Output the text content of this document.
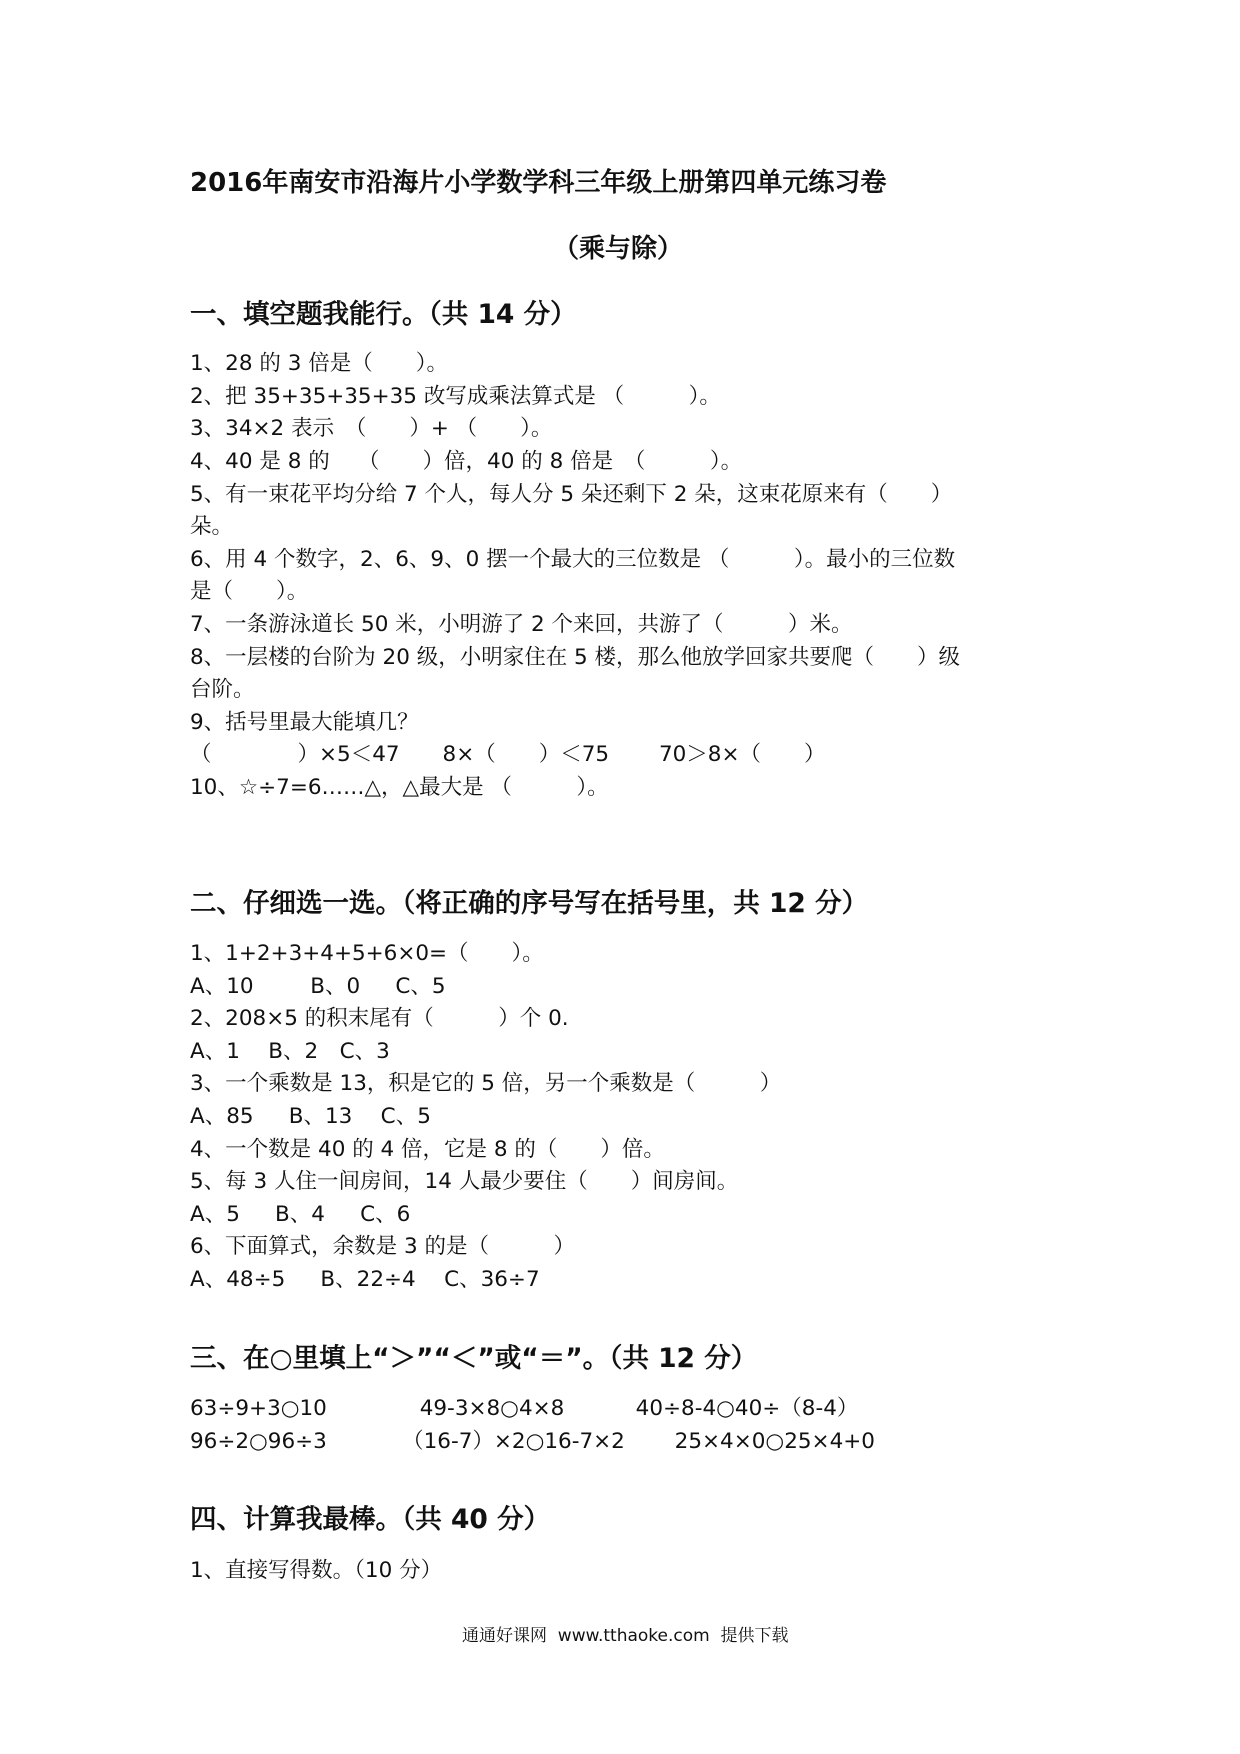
2016年南安市沿海片小学数学科三年级上册第四单元练习卷
（乘与除）
一、填空题我能行。（共 14 分）
1、28 的 3 倍是（　　）。
2、把 35+35+35+35 改写成乘法算式是 （　　　）。
3、34×2 表示　（　　）+ （　　）。
4、40 是 8 的　 （　　）倍，40 的 8 倍是　（　　　）。
5、有一束花平均分给 7 个人，每人分 5 朵还剩下 2 朵，这束花原来有（　　）
朵。
6、用 4 个数字，2、6、9、0 摆一个最大的三位数是 （　　　）。最小的三位数
是（　　）。
7、一条游泳道长 50 米，小明游了 2 个来回，共游了（　　　）米。
8、一层楼的台阶为 20 级，小明家住在 5 楼，那么他放学回家共要爬（　　）级
台阶。
9、括号里最大能填几？
（　　　　）×5＜47　　8×（　　）＜75　　 70＞8×（　　）
10、☆÷7=6……△，△最大是 （　　　）。
二、仔细选一选。（将正确的序号写在括号里，共 12 分）
1、1+2+3+4+5+6×0=（　　）。
A、10　　  B、0　  C、5
2、208×5 的积末尾有（　　　）个 0.
A、1　 B、2　C、3
3、一个乘数是 13，积是它的 5 倍，另一个乘数是（　　　）
A、85　  B、13　 C、5
4、一个数是 40 的 4 倍，它是 8 的（　　）倍。
5、每 3 人住一间房间，14 人最少要住（　　）间房间。
A、5　  B、4　  C、6
6、下面算式，余数是 3 的是（　　　）
A、48÷5　  B、22÷4　 C、36÷7
三、在○里填上“＞”“＜”或“＝”。（共 12 分）
63÷9+3○10　　　　 49-3×8○4×8　　　 40÷8-4○40÷（8-4）
96÷2○96÷3　　　　（16-7）×2○16-7×2　　 25×4×0○25×4+0
四、计算我最棒。（共 40 分）
1、直接写得数。（10 分）
通通好课网  www.tthaoke.com  提供下载
